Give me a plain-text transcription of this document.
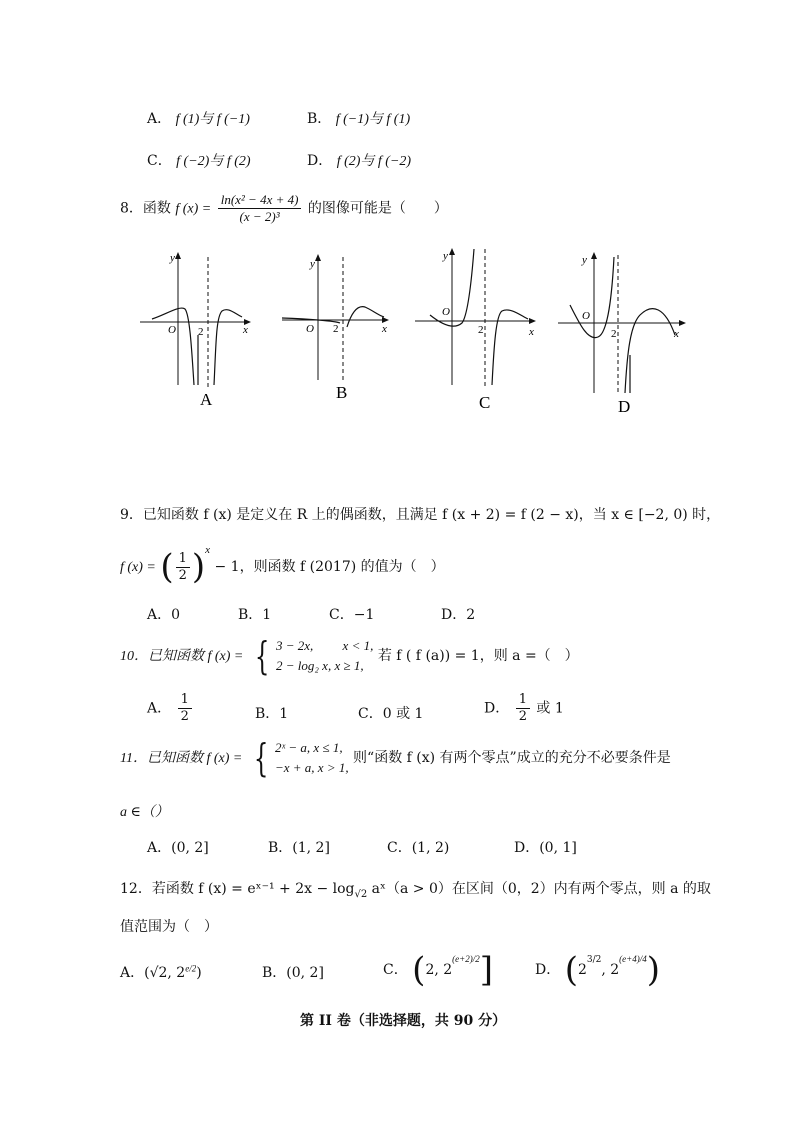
A． f (1)与 f (−1)	B． f (−1)与 f (1)
C． f (−2)与 f (2)	D． f (2)与 f (−2)
8．函数 f $(x) = \frac{\text{ln(x² − 4x + 4)}}{\text{(x − 2)³}}$ 的图像可能是（　　）
O 2	x
y
A
O 2	x
y
B
O
2	x
y
C
O
2	x
y
D
9．已知函数 f (x) 是定义在 R 上的偶函数，且满足 f (x + 2) = f (2 − x)，当 x ∈ [−2, 0) 时，
f (x) = ( $\frac{1}{2} )^x - 1$，则函数 f (2017) 的值为（　）
A．0	B．1	C．−1	D．2
10．已知函数 f (x) = { 3 − 2x,　　 x < 1,
2 − log₂ x, x ≥ 1,
若 f ( f (a)) = 1，则 a =（　）
A． $\frac{1}{2}$	B．1	C．0 或 1	D． $\frac{1}{2}$ 或 1
11．已知函数 f (x) = { 2ˣ − a, x ≤ 1,
−x + a, x > 1,
则“函数 f (x) 有两个零点”成立的充分不必要条件是
a ∈（）
A．(0, 2]	B．(1, 2]	C．(1, 2)	D．(0, 1]
12．若函数 f (x) = eˣ⁻¹ + $2x - \log_{√2}$ aˣ（a > 0）在区间（0，2）内有两个零点，则 a 的取
值范围为（　）
A．(√2, $2^{e/2}$)	B．(0, 2]	C． (2, $2^{(e+2)/2}$]	D． ($2^{3/2}$, $2^{(e+4)/4}$)
第 II 卷（非选择题，共 90 分）
